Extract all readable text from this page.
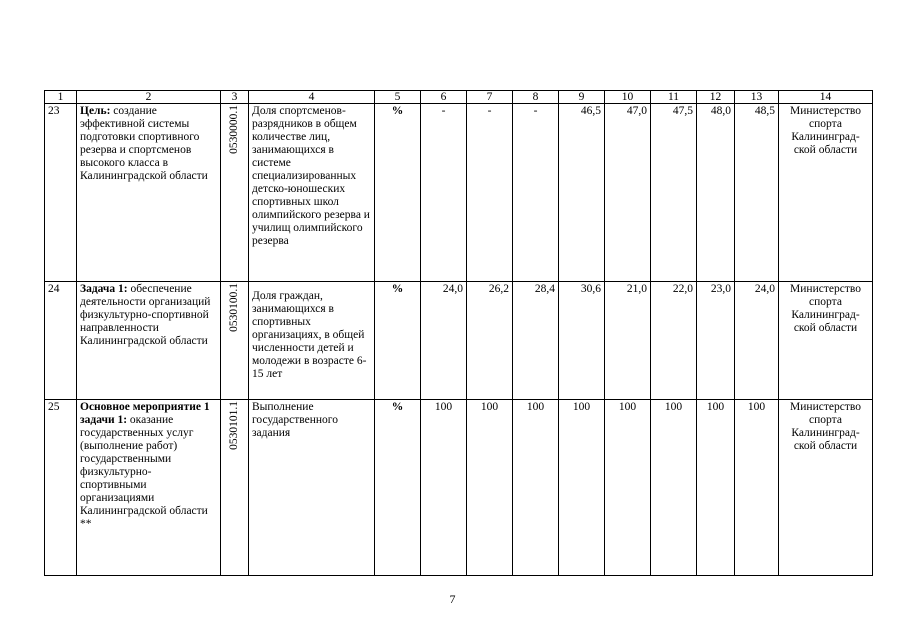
1	2	3	4	5	6	7	8	9	10	11	12	13	14
23	Цель: создание эффективной системы подготовки спортивного резерва и спортсменов высокого класса в Калининградской области	0530000.1	Доля спортсменов-разрядников в общем количестве лиц, занимающихся в системе специализированных детско-юношеских спортивных школ олимпийского резерва и училищ олимпийского резерва	%	-	-	-	46,5	47,0	47,5	48,0	48,5	Министерство спорта Калининград-ской области
24	Задача 1: обеспечение деятельности организаций физкультурно-спортивной направленности Калининградской области	0530100.1	Доля граждан, занимающихся в спортивных организациях, в общей численности детей и молодежи в возрасте 6-15 лет	%	24,0	26,2	28,4	30,6	21,0	22,0	23,0	24,0	Министерство спорта Калининград-ской области
25	Основное мероприятие 1 задачи 1: оказание государственных услуг (выполнение работ) государственными физкультурно-спортивными организациями Калининградской области **	0530101.1	Выполнение государственного задания	%	100	100	100	100	100	100	100	100	Министерство спорта Калининград-ской области
7
